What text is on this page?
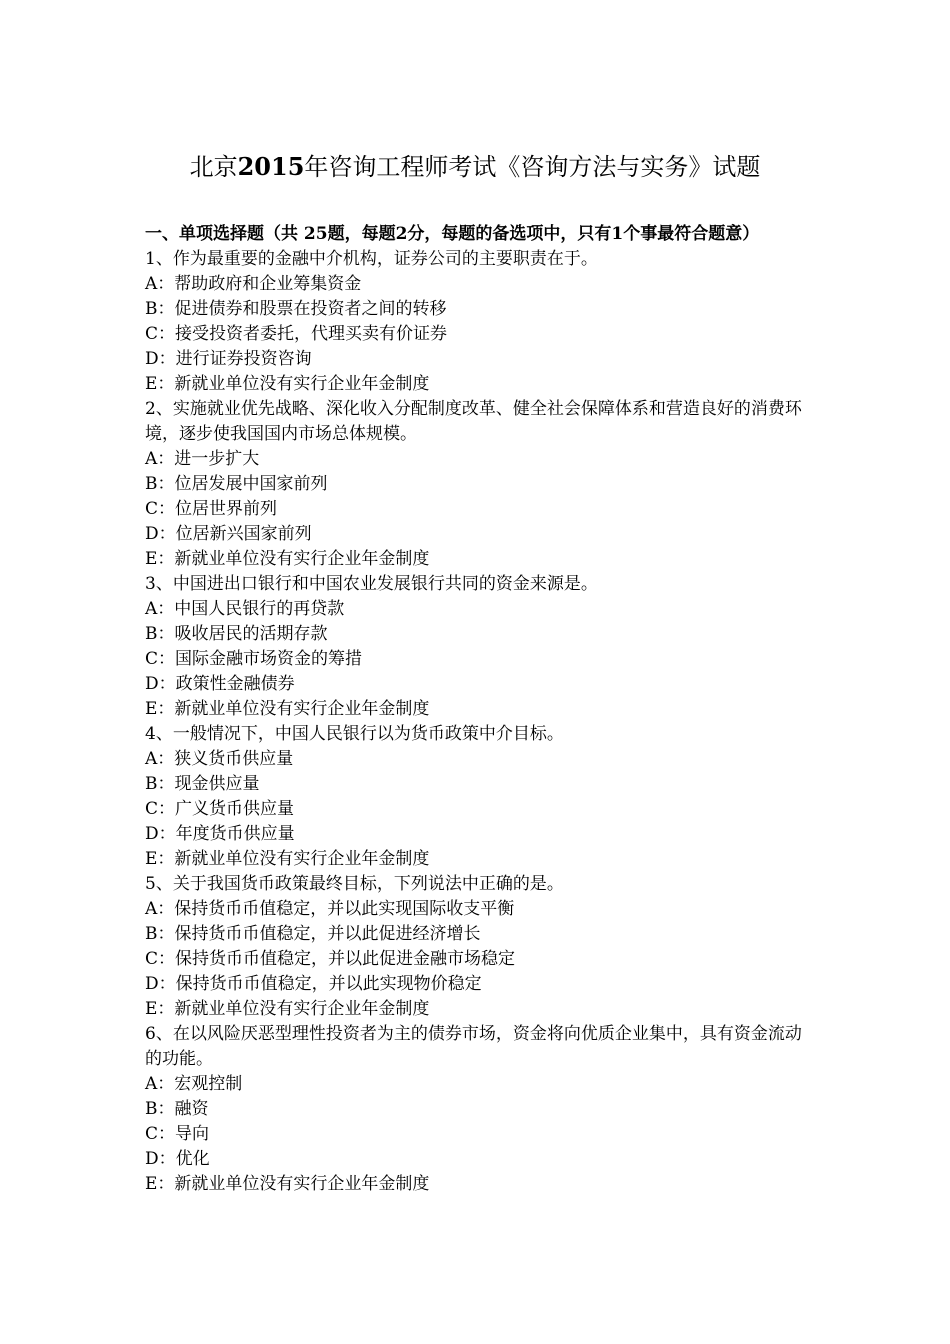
北京2015年咨询工程师考试《咨询方法与实务》试题

一、单项选择题（共 25题，每题2分，每题的备选项中，只有1个事最符合题意）

1、作为最重要的金融中介机构，证券公司的主要职责在于。

A：帮助政府和企业筹集资金

B：促进债券和股票在投资者之间的转移

C：接受投资者委托，代理买卖有价证券

D：进行证券投资咨询

E：新就业单位没有实行企业年金制度

2、实施就业优先战略、深化收入分配制度改革、健全社会保障体系和营造良好的消费环境，逐步使我国国内市场总体规模。

A：进一步扩大

B：位居发展中国家前列

C：位居世界前列

D：位居新兴国家前列

E：新就业单位没有实行企业年金制度

3、中国进出口银行和中国农业发展银行共同的资金来源是。

A：中国人民银行的再贷款

B：吸收居民的活期存款

C：国际金融市场资金的筹措

D：政策性金融债券

E：新就业单位没有实行企业年金制度

4、一般情况下，中国人民银行以为货币政策中介目标。

A：狭义货币供应量

B：现金供应量

C：广义货币供应量

D：年度货币供应量

E：新就业单位没有实行企业年金制度

5、关于我国货币政策最终目标，下列说法中正确的是。

A：保持货币币值稳定，并以此实现国际收支平衡

B：保持货币币值稳定，并以此促进经济增长

C：保持货币币值稳定，并以此促进金融市场稳定

D：保持货币币值稳定，并以此实现物价稳定

E：新就业单位没有实行企业年金制度

6、在以风险厌恶型理性投资者为主的债券市场，资金将向优质企业集中，具有资金流动的功能。

A：宏观控制

B：融资

C：导向

D：优化

E：新就业单位没有实行企业年金制度
